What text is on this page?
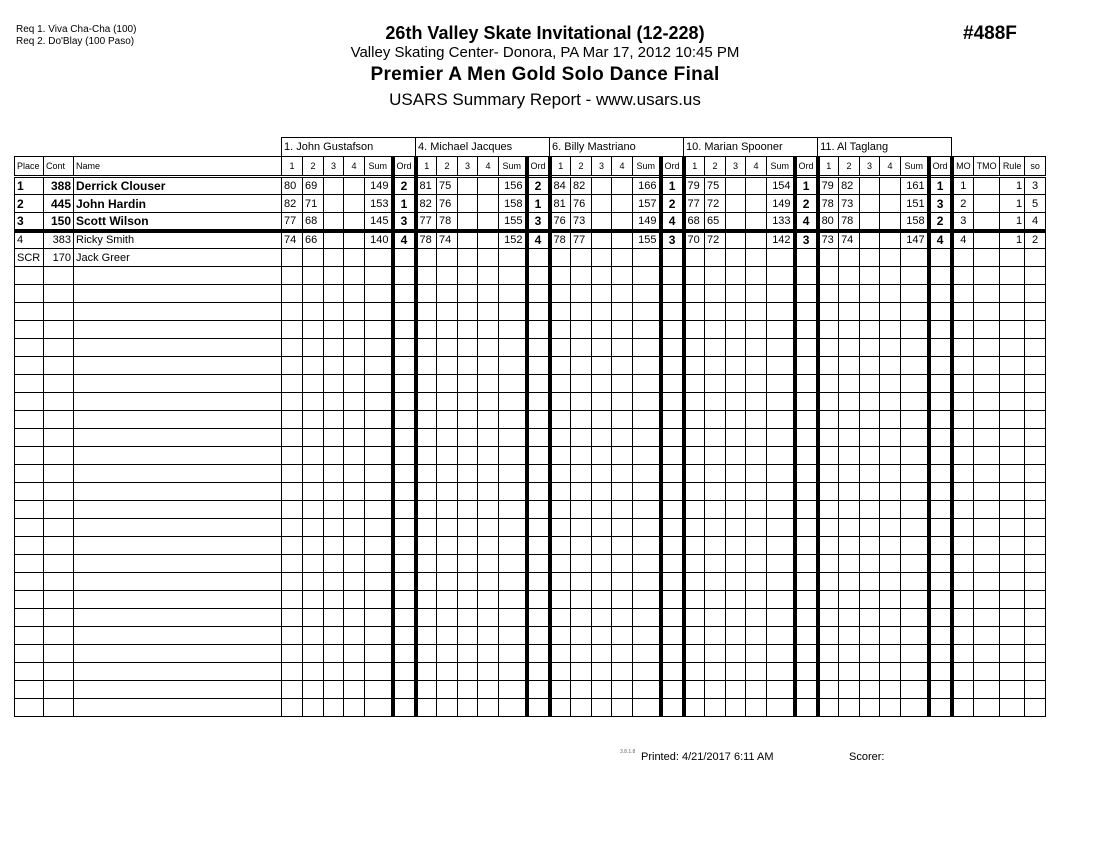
Req 1. Viva Cha-Cha (100)
Req 2. Do'Blay (100 Paso)	26th Valley Skate Invitational (12-228)
Valley Skating Center- Donora, PA Mar 17, 2012 10:45 PM
Premier A Men Gold Solo Dance Final
USARS Summary Report - www.usars.us
#488F
			1. John Gustafson						4. Michael Jacques						6. Billy Mastriano						10. Marian Spooner						11. Al Taglang									
Place	Cont	Name	1	2	3	4	Sum	Ord	1	2	3	4	Sum	Ord	1	2	3	4	Sum	Ord	1	2	3	4	Sum	Ord	1	2	3	4	Sum	Ord	MO	TMO	Rule	so
1	388	Derrick Clouser	80	69			149	2	81	75			156	2	84	82			166	1	79	75			154	1	79	82			161	1	1		1	3
2	445	John Hardin	82	71			153	1	82	76			158	1	81	76			157	2	77	72			149	2	78	73			151	3	2		1	5
3	150	Scott Wilson	77	68			145	3	77	78			155	3	76	73			149	4	68	65			133	4	80	78			158	2	3		1	4
4	383	Ricky Smith	74	66			140	4	78	74			152	4	78	77			155	3	70	72			142	3	73	74			147	4	4		1	2
SCR	170	Jack Greer																																		

3.8.1.8 Printed: 4/21/2017 6:11 AM	Scorer:
